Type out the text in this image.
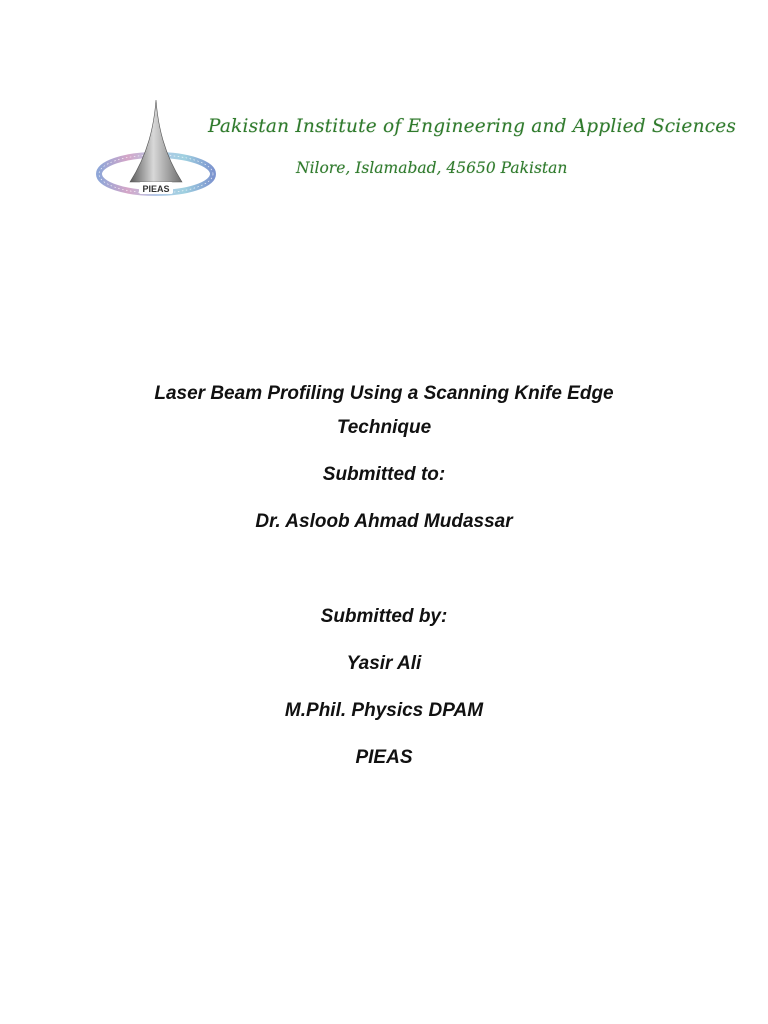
PIEAS
Pakistan Institute of Engineering and Applied Sciences
Nilore, Islamabad, 45650 Pakistan
Laser Beam Profiling Using a Scanning Knife Edge
Technique
Submitted to:
Dr. Asloob Ahmad Mudassar
Submitted by:
Yasir Ali
M.Phil. Physics DPAM
PIEAS
